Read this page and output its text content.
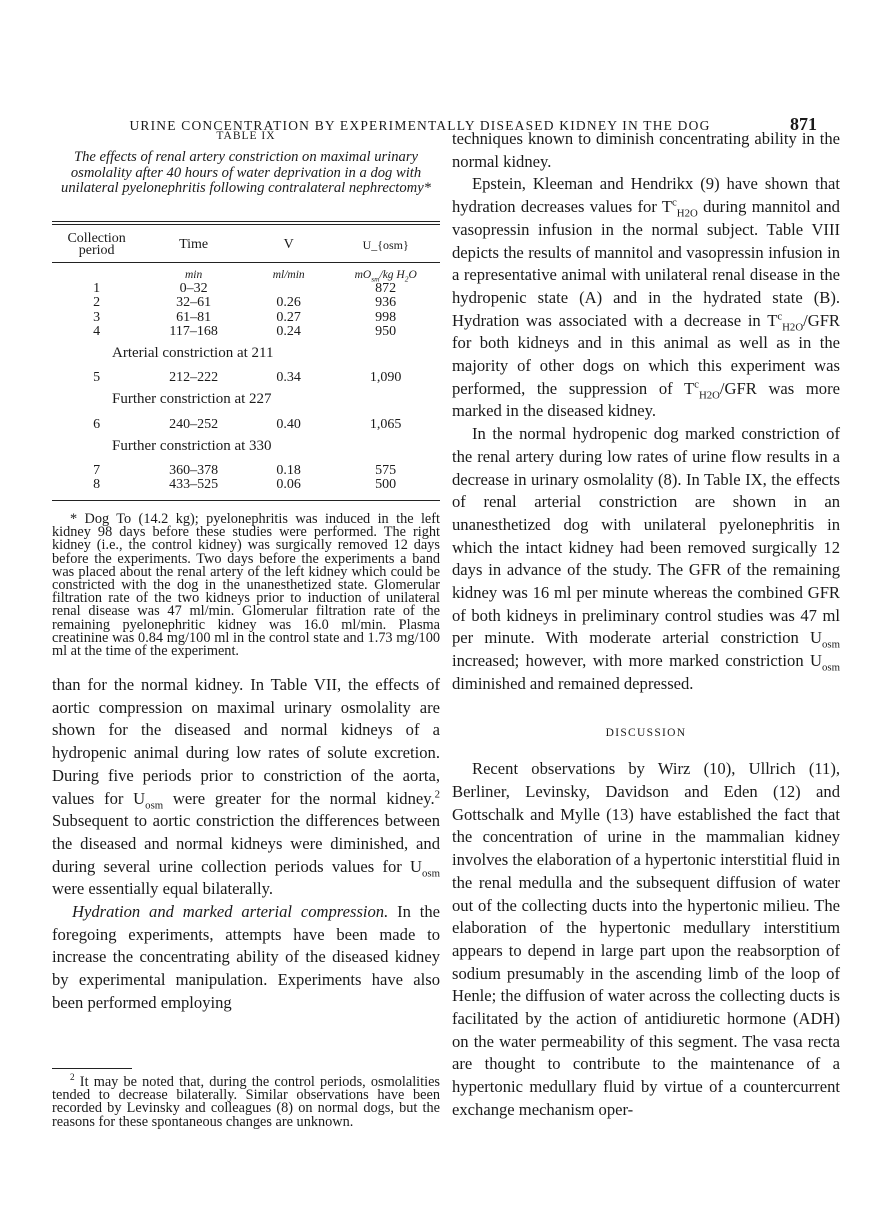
URINE CONCENTRATION BY EXPERIMENTALLY DISEASED KIDNEY IN THE DOG	871
TABLE IX
The effects of renal artery constriction on maximal urinary osmolality after 40 hours of water deprivation in a dog with unilateral pyelonephritis following contralateral nephrectomy*
Collection period	Time	V	U_{osm}
	min	ml/min	$mO_{sm}/kg$ $H_2O$
1	0–32		872
2	32–61	0.26	936
3	61–81	0.27	998
4	117–168	0.24	950
Arterial constriction at 211			
5	212–222	0.34	1,090
Further constriction at 227			
6	240–252	0.40	1,065
Further constriction at 330			
7	360–378	0.18	575
8	433–525	0.06	500

* Dog To (14.2 kg); pyelonephritis was induced in the left kidney 98 days before these studies were performed. The right kidney (i.e., the control kidney) was surgically removed 12 days before the experiments. Two days before the experiments a band was placed about the renal artery of the left kidney which could be constricted with the dog in the unanesthetized state. Glomerular filtration rate of the two kidneys prior to induction of unilateral renal disease was 47 ml/min. Glomerular filtration rate of the remaining pyelonephritic kidney was 16.0 ml/min. Plasma creatinine was 0.84 mg/100 ml in the control state and 1.73 mg/100 ml at the time of the experiment.

than for the normal kidney. In Table VII, the effects of aortic compression on maximal urinary osmolality are shown for the diseased and normal kidneys of a hydropenic animal during low rates of solute excretion. During five periods prior to constriction of the aorta, values for $U_{osm}$ were greater for the normal kidney.$^2$ Subsequent to aortic constriction the differences between the diseased and normal kidneys were diminished, and during several urine collection periods values for $U_{osm}$ were essentially equal bilaterally.

Hydration and marked arterial compression. In the foregoing experiments, attempts have been made to increase the concentrating ability of the diseased kidney by experimental manipulation. Experiments have also been performed employing

$^2$ It may be noted that, during the control periods, osmolalities tended to decrease bilaterally. Similar observations have been recorded by Levinsky and colleagues (8) on normal dogs, but the reasons for these spontaneous changes are unknown.

techniques known to diminish concentrating ability in the normal kidney.

Epstein, Kleeman and Hendrikx (9) have shown that hydration decreases values for $T^c_{H2O}$ during mannitol and vasopressin infusion in the normal subject. Table VIII depicts the results of mannitol and vasopressin infusion in a representative animal with unilateral renal disease in the hydropenic state (A) and in the hydrated state (B). Hydration was associated with a decrease in $T^c_{H2O}$/GFR for both kidneys and in this animal as well as in the majority of other dogs on which this experiment was performed, the suppression of $T^c_{H2O}$/GFR was more marked in the diseased kidney.

In the normal hydropenic dog marked constriction of the renal artery during low rates of urine flow results in a decrease in urinary osmolality (8). In Table IX, the effects of renal arterial constriction are shown in an unanesthetized dog with unilateral pyelonephritis in which the intact kidney had been removed surgically 12 days in advance of the study. The GFR of the remaining kidney was 16 ml per minute whereas the combined GFR of both kidneys in preliminary control studies was 47 ml per minute. With moderate arterial constriction $U_{osm}$ increased; however, with more marked constriction $U_{osm}$ diminished and remained depressed.

DISCUSSION

Recent observations by Wirz (10), Ullrich (11), Berliner, Levinsky, Davidson and Eden (12) and Gottschalk and Mylle (13) have established the fact that the concentration of urine in the mammalian kidney involves the elaboration of a hypertonic interstitial fluid in the renal medulla and the subsequent diffusion of water out of the collecting ducts into the hypertonic milieu. The elaboration of the hypertonic medullary interstitium appears to depend in large part upon the reabsorption of sodium presumably in the ascending limb of the loop of Henle; the diffusion of water across the collecting ducts is facilitated by the action of antidiuretic hormone (ADH) on the water permeability of this segment. The vasa recta are thought to contribute to the maintenance of a hypertonic medullary fluid by virtue of a countercurrent exchange mechanism oper-
